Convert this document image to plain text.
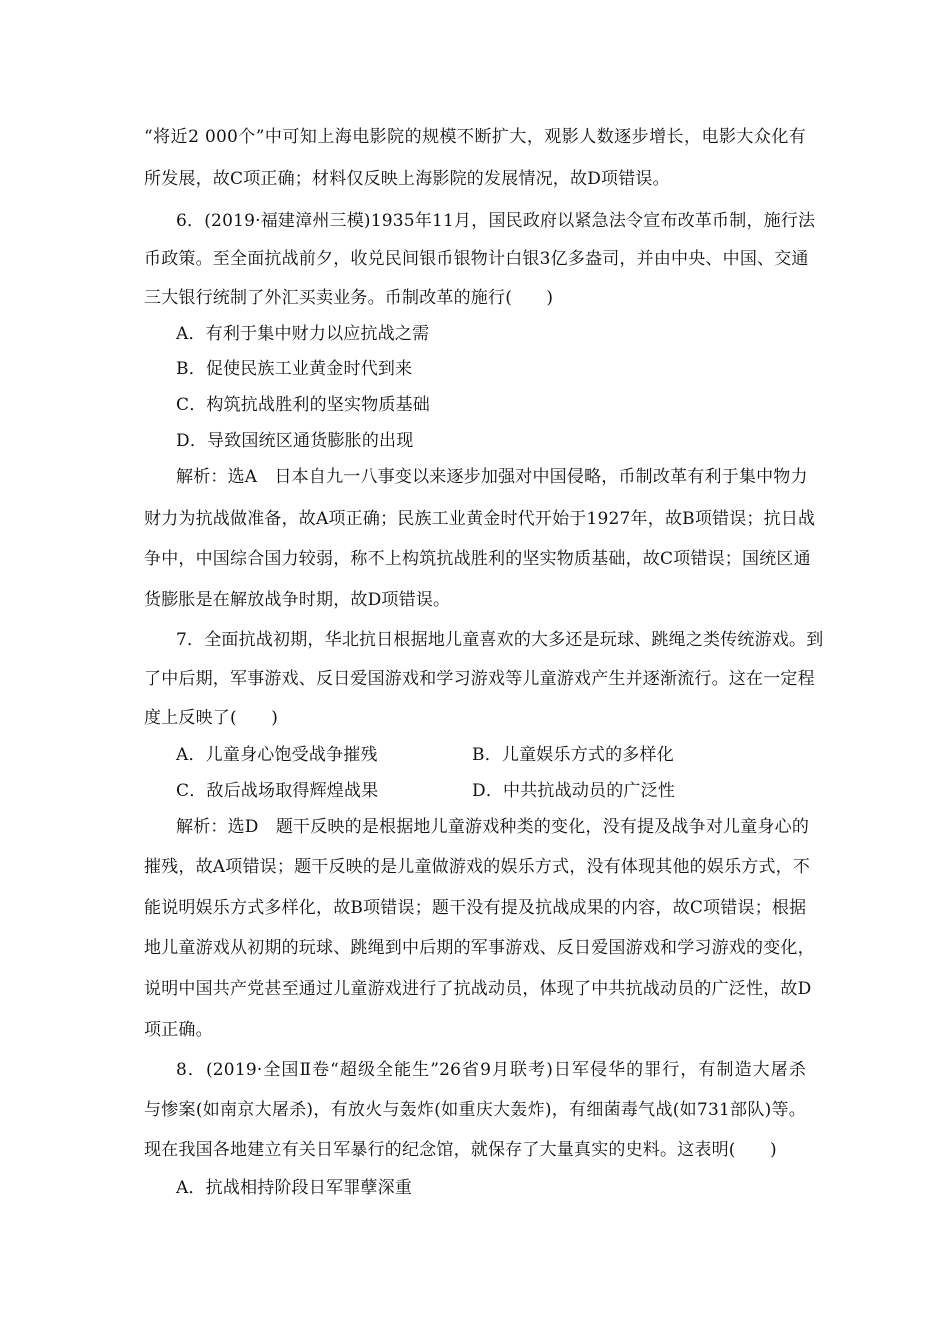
“将近2 000个”中可知上海电影院的规模不断扩大，观影人数逐步增长，电影大众化有
所发展，故C项正确；材料仅反映上海影院的发展情况，故D项错误。
6．(2019·福建漳州三模)1935年11月，国民政府以紧急法令宣布改革币制，施行法
币政策。至全面抗战前夕，收兑民间银币银物计白银3亿多盎司，并由中央、中国、交通
三大银行统制了外汇买卖业务。币制改革的施行(　　)
A．有利于集中财力以应抗战之需
B．促使民族工业黄金时代到来
C．构筑抗战胜利的坚实物质基础
D．导致国统区通货膨胀的出现
解析：选A　日本自九一八事变以来逐步加强对中国侵略，币制改革有利于集中物力
财力为抗战做准备，故A项正确；民族工业黄金时代开始于1927年，故B项错误；抗日战
争中，中国综合国力较弱，称不上构筑抗战胜利的坚实物质基础，故C项错误；国统区通
货膨胀是在解放战争时期，故D项错误。
7．全面抗战初期，华北抗日根据地儿童喜欢的大多还是玩球、跳绳之类传统游戏。到
了中后期，军事游戏、反日爱国游戏和学习游戏等儿童游戏产生并逐渐流行。这在一定程
度上反映了(　　)
A．儿童身心饱受战争摧残	B．儿童娱乐方式的多样化
C．敌后战场取得辉煌战果	D．中共抗战动员的广泛性
解析：选D　题干反映的是根据地儿童游戏种类的变化，没有提及战争对儿童身心的
摧残，故A项错误；题干反映的是儿童做游戏的娱乐方式，没有体现其他的娱乐方式，不
能说明娱乐方式多样化，故B项错误；题干没有提及抗战成果的内容，故C项错误；根据
地儿童游戏从初期的玩球、跳绳到中后期的军事游戏、反日爱国游戏和学习游戏的变化，
说明中国共产党甚至通过儿童游戏进行了抗战动员，体现了中共抗战动员的广泛性，故D
项正确。
8．(2019·全国Ⅱ卷“超级全能生”26省9月联考)日军侵华的罪行，有制造大屠杀
与惨案(如南京大屠杀)，有放火与轰炸(如重庆大轰炸)，有细菌毒气战(如731部队)等。
现在我国各地建立有关日军暴行的纪念馆，就保存了大量真实的史料。这表明(　　)
A．抗战相持阶段日军罪孽深重
